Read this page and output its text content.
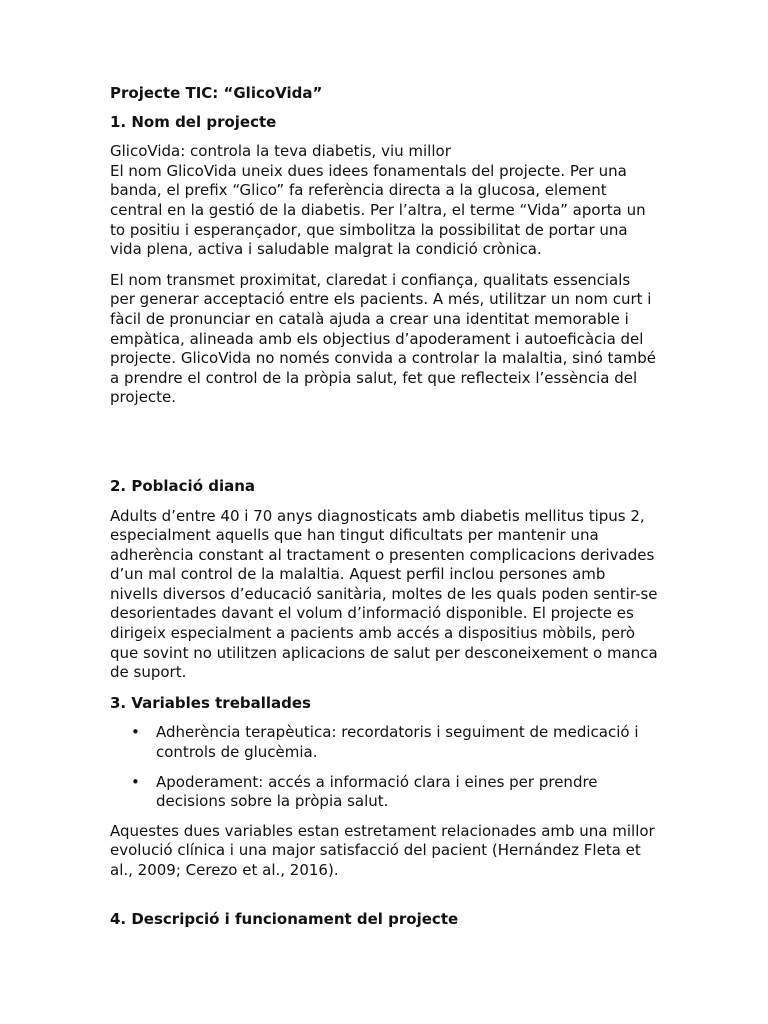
Projecte TIC: “GlicoVida”

1. Nom del projecte

GlicoVida: controla la teva diabetis, viu millor

El nom GlicoVida uneix dues idees fonamentals del projecte. Per una banda, el prefix “Glico” fa referència directa a la glucosa, element central en la gestió de la diabetis. Per l’altra, el terme “Vida” aporta un to positiu i esperançador, que simbolitza la possibilitat de portar una vida plena, activa i saludable malgrat la condició crònica.

El nom transmet proximitat, claredat i confiança, qualitats essencials per generar acceptació entre els pacients. A més, utilitzar un nom curt i fàcil de pronunciar en català ajuda a crear una identitat memorable i empàtica, alineada amb els objectius d’apoderament i autoeficàcia del projecte. GlicoVida no només convida a controlar la malaltia, sinó també a prendre el control de la pròpia salut, fet que reflecteix l’essència del projecte.

2. Població diana

Adults d’entre 40 i 70 anys diagnosticats amb diabetis mellitus tipus 2, especialment aquells que han tingut dificultats per mantenir una adherència constant al tractament o presenten complicacions derivades d’un mal control de la malaltia. Aquest perfil inclou persones amb nivells diversos d’educació sanitària, moltes de les quals poden sentir-se desorientades davant el volum d’informació disponible. El projecte es dirigeix especialment a pacients amb accés a dispositius mòbils, però que sovint no utilitzen aplicacions de salut per desconeixement o manca de suport.

3. Variables treballades

• Adherència terapèutica: recordatoris i seguiment de medicació i controls de glucèmia.
• Apoderament: accés a informació clara i eines per prendre decisions sobre la pròpia salut.

Aquestes dues variables estan estretament relacionades amb una millor evolució clínica i una major satisfacció del pacient (Hernández Fleta et al., 2009; Cerezo et al., 2016).

4. Descripció i funcionament del projecte
